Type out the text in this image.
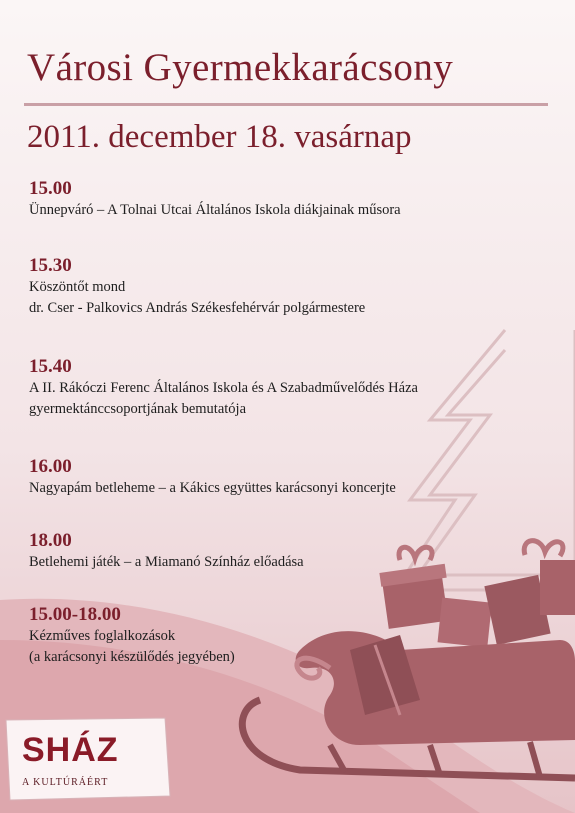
Városi Gyermekkarácsony
2011. december 18. vasárnap
15.00
Ünnepváró – A Tolnai Utcai Általános Iskola diákjainak műsora
15.30
Köszöntőt mond
dr. Cser - Palkovics András Székesfehérvár polgármestere
15.40
A II. Rákóczi Ferenc Általános Iskola és A Szabadművelődés Háza
gyermektánccsoportjának bemutatója
16.00
Nagyapám betleheme – a Kákics együttes karácsonyi koncerjte
18.00
Betlehemi játék – a Miamanó Színház előadása
15.00-18.00
Kézműves foglalkozások
(a karácsonyi készülődés jegyében)
SHÁZ
A KULTÚRÁÉRT
